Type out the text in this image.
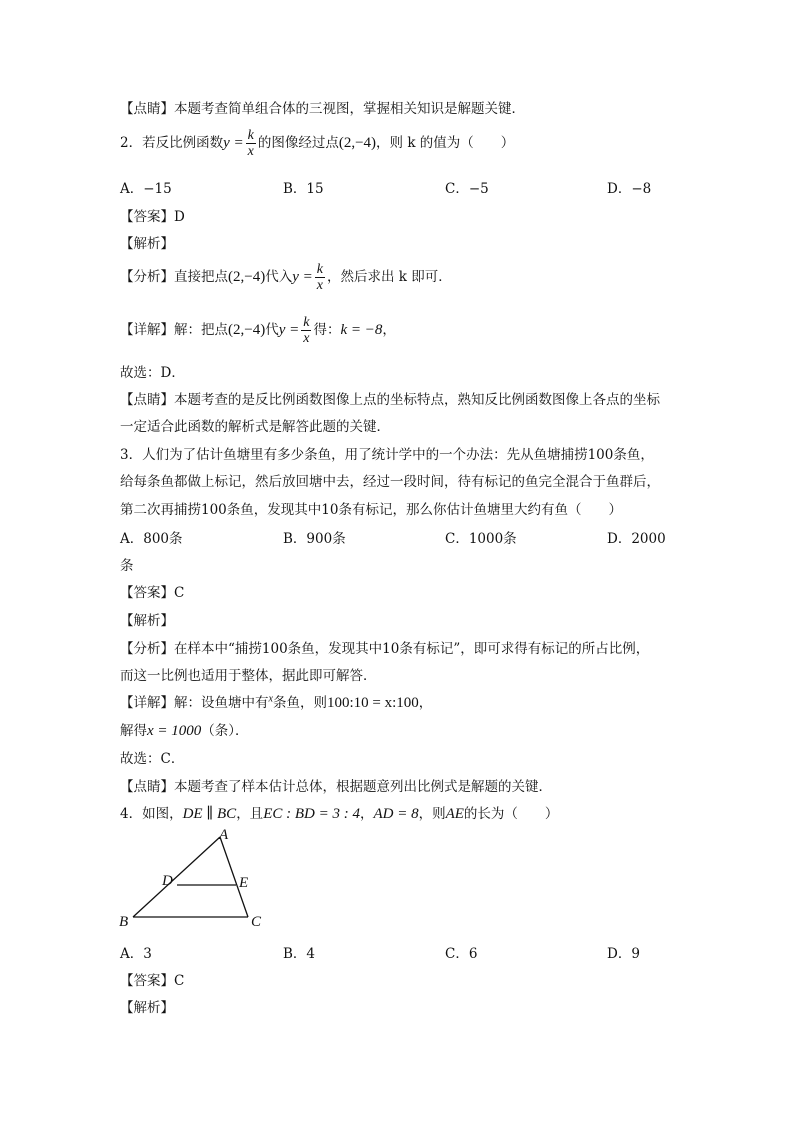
【点睛】本题考查简单组合体的三视图，掌握相关知识是解题关键．
2．若反比例函数$y = \frac{k}{x}$ 的图像经过点(2,−4)，则 k 的值为（　　）
A．−15	B．15	C．−5	D．−8
【答案】D
【解析】
【分析】直接把点(2,−4)代入$y = \frac{k}{x}$ ，然后求出 k 即可．
【详解】解：把点(2,−4)代$y = \frac{k}{x}$ 得：k = −8，
故选：D．
【点睛】本题考查的是反比例函数图像上点的坐标特点，熟知反比例函数图像上各点的坐标
一定适合此函数的解析式是解答此题的关键．
3．人们为了估计鱼塘里有多少条鱼，用了统计学中的一个办法：先从鱼塘捕捞100条鱼，
给每条鱼都做上标记，然后放回塘中去，经过一段时间，待有标记的鱼完全混合于鱼群后，
第二次再捕捞100条鱼，发现其中10条有标记，那么你估计鱼塘里大约有鱼（　　）
A．800条	B．900条	C．1000条	D．2000
条
【答案】C
【解析】
【分析】在样本中“捕捞100条鱼，发现其中10条有标记”，即可求得有标记的所占比例，
而这一比例也适用于整体，据此即可解答．
【详解】解：设鱼塘中有$^x$条鱼，则100:10 = x:100，
解得x = 1000（条）．
故选：C．
【点睛】本题考查了样本估计总体，根据题意列出比例式是解题的关键．
4．如图，DE ∥ BC，且EC : BD = 3 : 4，AD = 8，则AE的长为（　　）
A
D	E
B	C
A．3	B．4	C．6	D．9
【答案】C
【解析】
